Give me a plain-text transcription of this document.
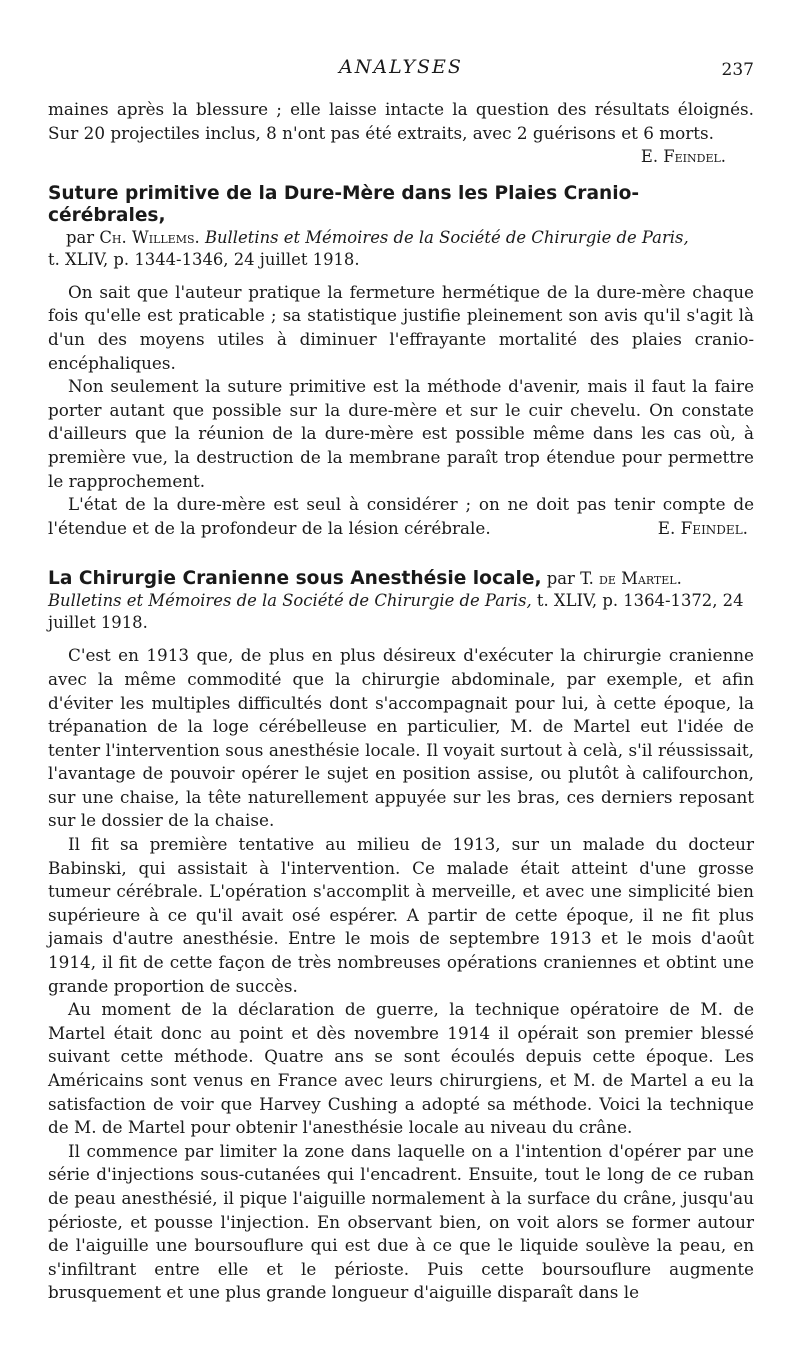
ANALYSES	237

maines après la blessure ; elle laisse intacte la question des résultats éloignés. Sur 20 projectiles inclus, 8 n'ont pas été extraits, avec 2 guérisons et 6 morts.

E. Feindel.
Suture primitive de la Dure-Mère dans les Plaies Cranio-cérébrales,
par Ch. Willems. Bulletins et Mémoires de la Société de Chirurgie de Paris,
t. XLIV, p. 1344-1346, 24 juillet 1918.

On sait que l'auteur pratique la fermeture hermétique de la dure-mère chaque fois qu'elle est praticable ; sa statistique justifie pleinement son avis qu'il s'agit là d'un des moyens utiles à diminuer l'effrayante mortalité des plaies cranio-encéphaliques.

Non seulement la suture primitive est la méthode d'avenir, mais il faut la faire porter autant que possible sur la dure-mère et sur le cuir chevelu. On constate d'ailleurs que la réunion de la dure-mère est possible même dans les cas où, à première vue, la destruction de la membrane paraît trop étendue pour permettre le rapprochement.

L'état de la dure-mère est seul à considérer ; on ne doit pas tenir compte de l'étendue et de la profondeur de la lésion cérébrale.	E. Feindel.

La Chirurgie Cranienne sous Anesthésie locale, par T. de Martel. Bulletins et Mémoires de la Société de Chirurgie de Paris, t. XLIV, p. 1364-1372, 24 juillet 1918.

C'est en 1913 que, de plus en plus désireux d'exécuter la chirurgie cranienne avec la même commodité que la chirurgie abdominale, par exemple, et afin d'éviter les multiples difficultés dont s'accompagnait pour lui, à cette époque, la trépanation de la loge cérébelleuse en particulier, M. de Martel eut l'idée de tenter l'intervention sous anesthésie locale. Il voyait surtout à celà, s'il réussissait, l'avantage de pouvoir opérer le sujet en position assise, ou plutôt à califourchon, sur une chaise, la tête naturellement appuyée sur les bras, ces derniers reposant sur le dossier de la chaise.

Il fit sa première tentative au milieu de 1913, sur un malade du docteur Babinski, qui assistait à l'intervention. Ce malade était atteint d'une grosse tumeur cérébrale. L'opération s'accomplit à merveille, et avec une simplicité bien supérieure à ce qu'il avait osé espérer. A partir de cette époque, il ne fit plus jamais d'autre anesthésie. Entre le mois de septembre 1913 et le mois d'août 1914, il fit de cette façon de très nombreuses opérations craniennes et obtint une grande proportion de succès.

Au moment de la déclaration de guerre, la technique opératoire de M. de Martel était donc au point et dès novembre 1914 il opérait son premier blessé suivant cette méthode. Quatre ans se sont écoulés depuis cette époque. Les Américains sont venus en France avec leurs chirurgiens, et M. de Martel a eu la satisfaction de voir que Harvey Cushing a adopté sa méthode. Voici la technique de M. de Martel pour obtenir l'anesthésie locale au niveau du crâne.

Il commence par limiter la zone dans laquelle on a l'intention d'opérer par une série d'injections sous-cutanées qui l'encadrent. Ensuite, tout le long de ce ruban de peau anesthésié, il pique l'aiguille normalement à la surface du crâne, jusqu'au périoste, et pousse l'injection. En observant bien, on voit alors se former autour de l'aiguille une boursouflure qui est due à ce que le liquide soulève la peau, en s'infiltrant entre elle et le périoste. Puis cette boursouflure augmente brusquement et une plus grande longueur d'aiguille disparaît dans le
